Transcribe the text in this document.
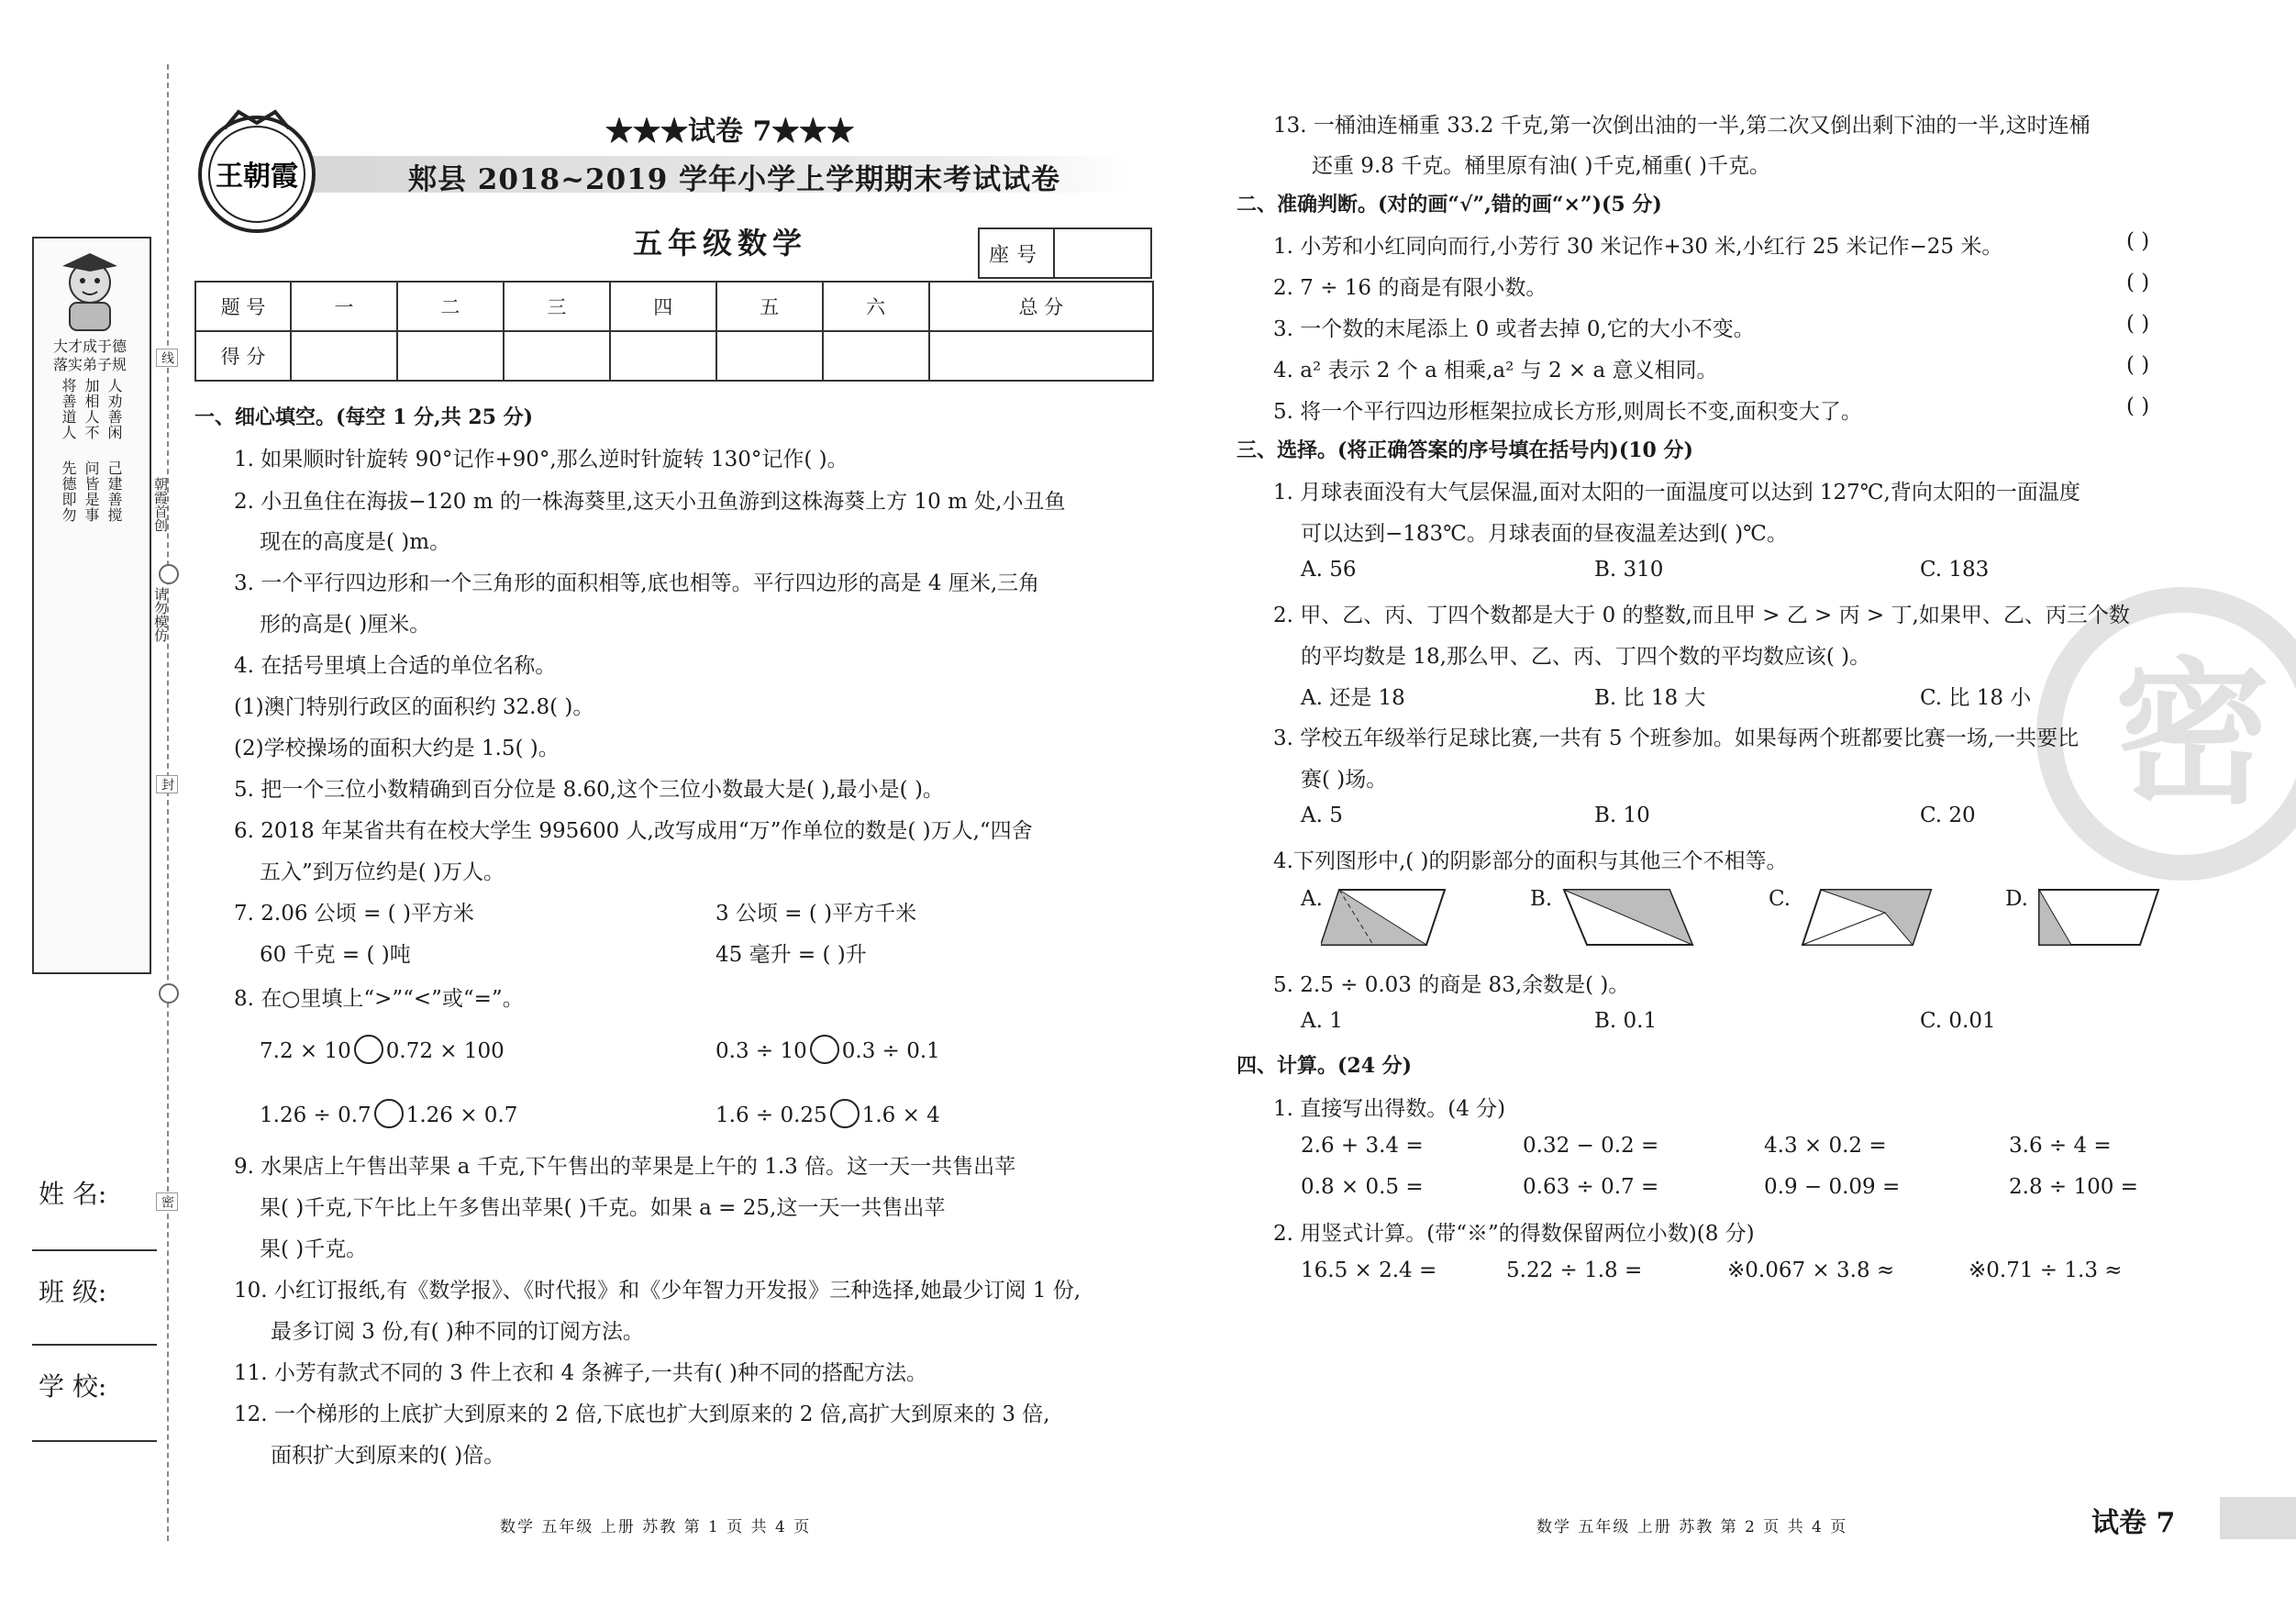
线
封
密
朝霞首创
请勿模仿
大才成于德
落实弟子规
将善道人 加相人不 人劝善闲
先德即勿 问皆是事 己建善搅
姓 名:
班 级:
学 校:
王朝霞
★★★试卷 7★★★
郏县 2018~2019 学年小学上学期期末考试试卷
五年级数学	座号
题 号	一	二	三	四	五	六	总 分
得 分							
一、细心填空。(每空 1 分,共 25 分)
1. 如果顺时针旋转 90°记作+90°,那么逆时针旋转 130°记作( )。
2. 小丑鱼住在海拔−120 m 的一株海葵里,这天小丑鱼游到这株海葵上方 10 m 处,小丑鱼
现在的高度是( )m。
3. 一个平行四边形和一个三角形的面积相等,底也相等。平行四边形的高是 4 厘米,三角
形的高是( )厘米。
4. 在括号里填上合适的单位名称。
(1)澳门特别行政区的面积约 32.8( )。
(2)学校操场的面积大约是 1.5( )。
5. 把一个三位小数精确到百分位是 8.60,这个三位小数最大是( ),最小是( )。
6. 2018 年某省共有在校大学生 995600 人,改写成用“万”作单位的数是( )万人,“四舍
五入”到万位约是( )万人。
7. 2.06 公顷 = ( )平方米	3 公顷 = ( )平方千米
60 千克 = ( )吨	45 毫升 = ( )升
8. 在○里填上“>”“<”或“=”。
7.2 × 10 0.72 × 100	0.3 ÷ 10 0.3 ÷ 0.1
1.26 ÷ 0.7 1.26 × 0.7	1.6 ÷ 0.25 1.6 × 4
9. 水果店上午售出苹果 a 千克,下午售出的苹果是上午的 1.3 倍。这一天一共售出苹
果( )千克,下午比上午多售出苹果( )千克。如果 a = 25,这一天一共售出苹
果( )千克。
10. 小红订报纸,有《数学报》、《时代报》和《少年智力开发报》三种选择,她最少订阅 1 份,
最多订阅 3 份,有( )种不同的订阅方法。
11. 小芳有款式不同的 3 件上衣和 4 条裤子,一共有( )种不同的搭配方法。
12. 一个梯形的上底扩大到原来的 2 倍,下底也扩大到原来的 2 倍,高扩大到原来的 3 倍,
面积扩大到原来的( )倍。
数学 五年级 上册 苏教 第 1 页 共 4 页
密
13. 一桶油连桶重 33.2 千克,第一次倒出油的一半,第二次又倒出剩下油的一半,这时连桶
还重 9.8 千克。桶里原有油( )千克,桶重( )千克。
二、准确判断。(对的画“√”,错的画“×”)(5 分)
1. 小芳和小红同向而行,小芳行 30 米记作+30 米,小红行 25 米记作−25 米。	( )
2. 7 ÷ 16 的商是有限小数。	( )
3. 一个数的末尾添上 0 或者去掉 0,它的大小不变。	( )
4. a² 表示 2 个 a 相乘,a² 与 2 × a 意义相同。	( )
5. 将一个平行四边形框架拉成长方形,则周长不变,面积变大了。	( )
三、选择。(将正确答案的序号填在括号内)(10 分)
1. 月球表面没有大气层保温,面对太阳的一面温度可以达到 127℃,背向太阳的一面温度
可以达到−183℃。月球表面的昼夜温差达到( )℃。
A. 56	B. 310	C. 183
2. 甲、乙、丙、丁四个数都是大于 0 的整数,而且甲 > 乙 > 丙 > 丁,如果甲、乙、丙三个数
的平均数是 18,那么甲、乙、丙、丁四个数的平均数应该( )。
A. 还是 18	B. 比 18 大	C. 比 18 小
3. 学校五年级举行足球比赛,一共有 5 个班参加。如果每两个班都要比赛一场,一共要比
赛( )场。
A. 5	B. 10	C. 20
4.下列图形中,( )的阴影部分的面积与其他三个不相等。
A.	B.	C.	D.
5. 2.5 ÷ 0.03 的商是 83,余数是( )。
A. 1	B. 0.1	C. 0.01
四、计算。(24 分)
1. 直接写出得数。(4 分)
2.6 + 3.4 =	0.32 − 0.2 =	4.3 × 0.2 =	3.6 ÷ 4 =
0.8 × 0.5 =	0.63 ÷ 0.7 =	0.9 − 0.09 =	2.8 ÷ 100 =
2. 用竖式计算。(带“※”的得数保留两位小数)(8 分)
16.5 × 2.4 =	5.22 ÷ 1.8 =	※0.067 × 3.8 ≈	※0.71 ÷ 1.3 ≈
数学 五年级 上册 苏教 第 2 页 共 4 页	试卷 7
